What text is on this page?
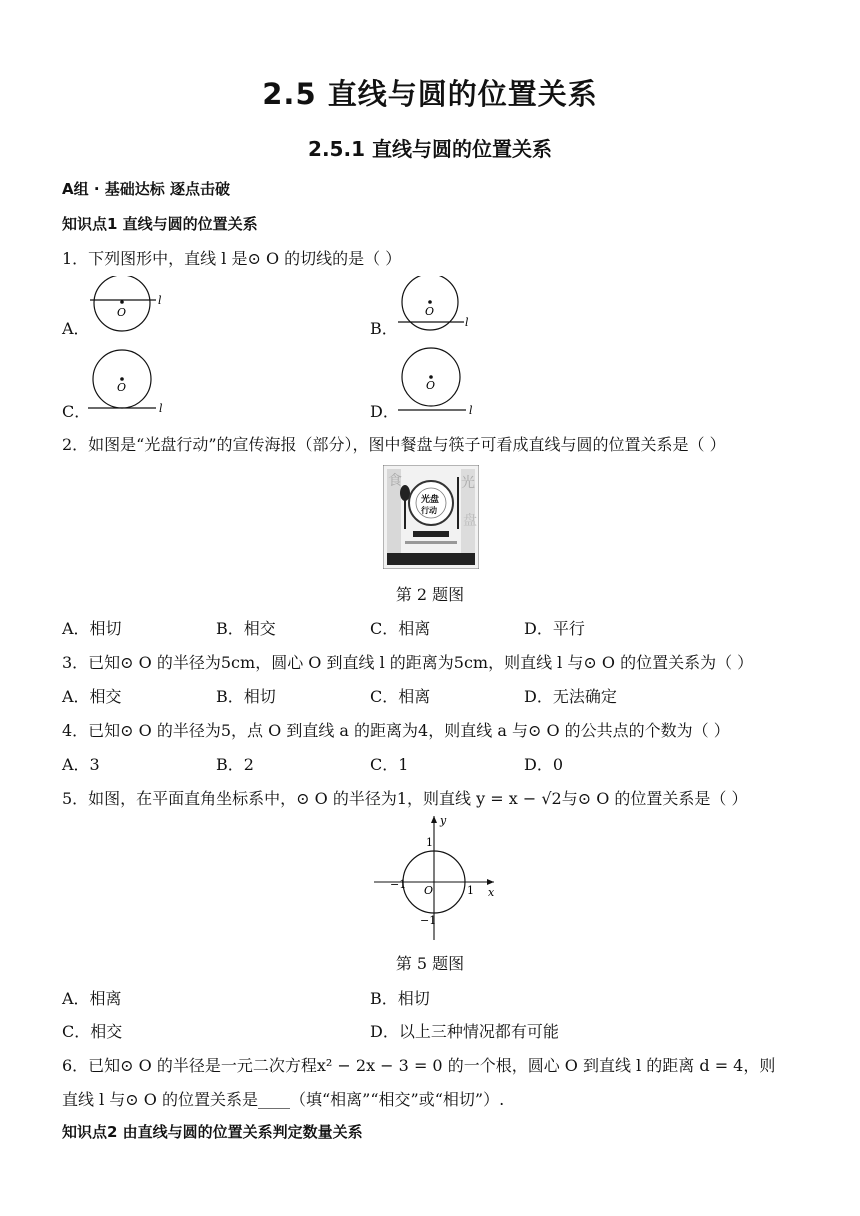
2.5 直线与圆的位置关系
2.5.1 直线与圆的位置关系
A组 · 基础达标 逐点击破
知识点1 直线与圆的位置关系
1．下列图形中，直线 l 是⊙ O 的切线的是（ ）
A．
O
l
B．
O
l
C．
O
l	D．
O
l
2．如图是“光盘行动”的宣传海报（部分），图中餐盘与筷子可看成直线与圆的位置关系是（ ）
食	光
盘
光盘
行动
第 2 题图
A．相切	B．相交	C．相离	D．平行
3．已知⊙ O 的半径为5cm，圆心 O 到直线 l 的距离为5cm，则直线 l 与⊙ O 的位置关系为（ ）
A．相交	B．相切	C．相离	D．无法确定
4．已知⊙ O 的半径为5，点 O 到直线 a 的距离为4，则直线 a 与⊙ O 的公共点的个数为（ ）
A．3	B．2	C．1	D．0
5．如图，在平面直角坐标系中，⊙ O 的半径为1，则直线 y = x − √2与⊙ O 的位置关系是（ ）
y
x
O
1
1
−1
−1
第 5 题图
A．相离	B．相切
C．相交	D．以上三种情况都有可能
6．已知⊙ O 的半径是一元二次方程x² − 2x − 3 = 0 的一个根，圆心 O 到直线 l 的距离 d = 4，则
直线 l 与⊙ O 的位置关系是____（填“相离”“相交”或“相切”）.
知识点2 由直线与圆的位置关系判定数量关系
